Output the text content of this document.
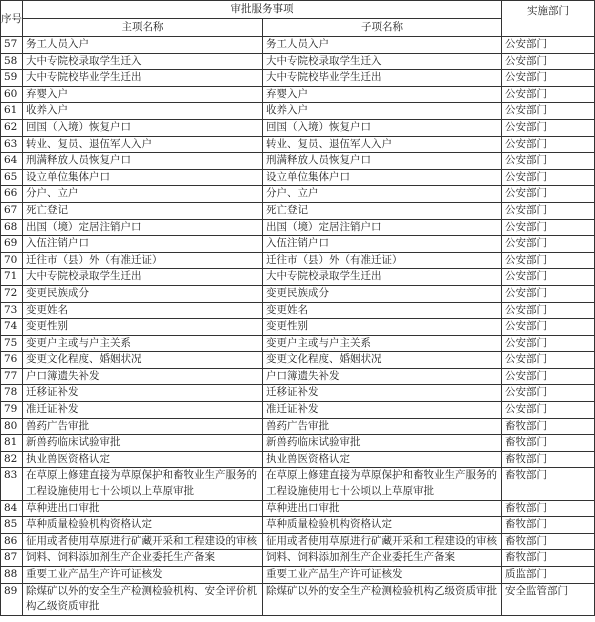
序号	审批服务事项		实施部门
	主项名称	子项名称	
57	务工人员入户	务工人员入户	公安部门
58	大中专院校录取学生迁入	大中专院校录取学生迁入	公安部门
59	大中专院校毕业学生迁出	大中专院校毕业学生迁出	公安部门
60	弃婴入户	弃婴入户	公安部门
61	收养入户	收养入户	公安部门
62	回国（入境）恢复户口	回国（入境）恢复户口	公安部门
63	转业、复员、退伍军人入户	转业、复员、退伍军人入户	公安部门
64	刑满释放人员恢复户口	刑满释放人员恢复户口	公安部门
65	设立单位集体户口	设立单位集体户口	公安部门
66	分户、立户	分户、立户	公安部门
67	死亡登记	死亡登记	公安部门
68	出国（境）定居注销户口	出国（境）定居注销户口	公安部门
69	入伍注销户口	入伍注销户口	公安部门
70	迁往市（县）外（有准迁证）	迁往市（县）外（有准迁证）	公安部门
71	大中专院校录取学生迁出	大中专院校录取学生迁出	公安部门
72	变更民族成分	变更民族成分	公安部门
73	变更姓名	变更姓名	公安部门
74	变更性别	变更性别	公安部门
75	变更户主或与户主关系	变更户主或与户主关系	公安部门
76	变更文化程度、婚姻状况	变更文化程度、婚姻状况	公安部门
77	户口簿遗失补发	户口簿遗失补发	公安部门
78	迁移证补发	迁移证补发	公安部门
79	准迁证补发	准迁证补发	公安部门
80	兽药广告审批	兽药广告审批	畜牧部门
81	新兽药临床试验审批	新兽药临床试验审批	畜牧部门
82	执业兽医资格认定	执业兽医资格认定	畜牧部门
83	在草原上修建直接为草原保护和畜牧业生产服务的工程设施使用七十公顷以上草原审批	在草原上修建直接为草原保护和畜牧业生产服务的工程设施使用七十公顷以上草原审批	畜牧部门
84	草种进出口审批	草种进出口审批	畜牧部门
85	草种质量检验机构资格认定	草种质量检验机构资格认定	畜牧部门
86	征用或者使用草原进行矿藏开采和工程建设的审核	征用或者使用草原进行矿藏开采和工程建设的审核	畜牧部门
87	饲料、饲料添加剂生产企业委托生产备案	饲料、饲料添加剂生产企业委托生产备案	畜牧部门
88	重要工业产品生产许可证核发	重要工业产品生产许可证核发	质监部门
89	除煤矿以外的安全生产检测检验机构、安全评价机构乙级资质审批	除煤矿以外的安全生产检测检验机构乙级资质审批	安全监管部门
